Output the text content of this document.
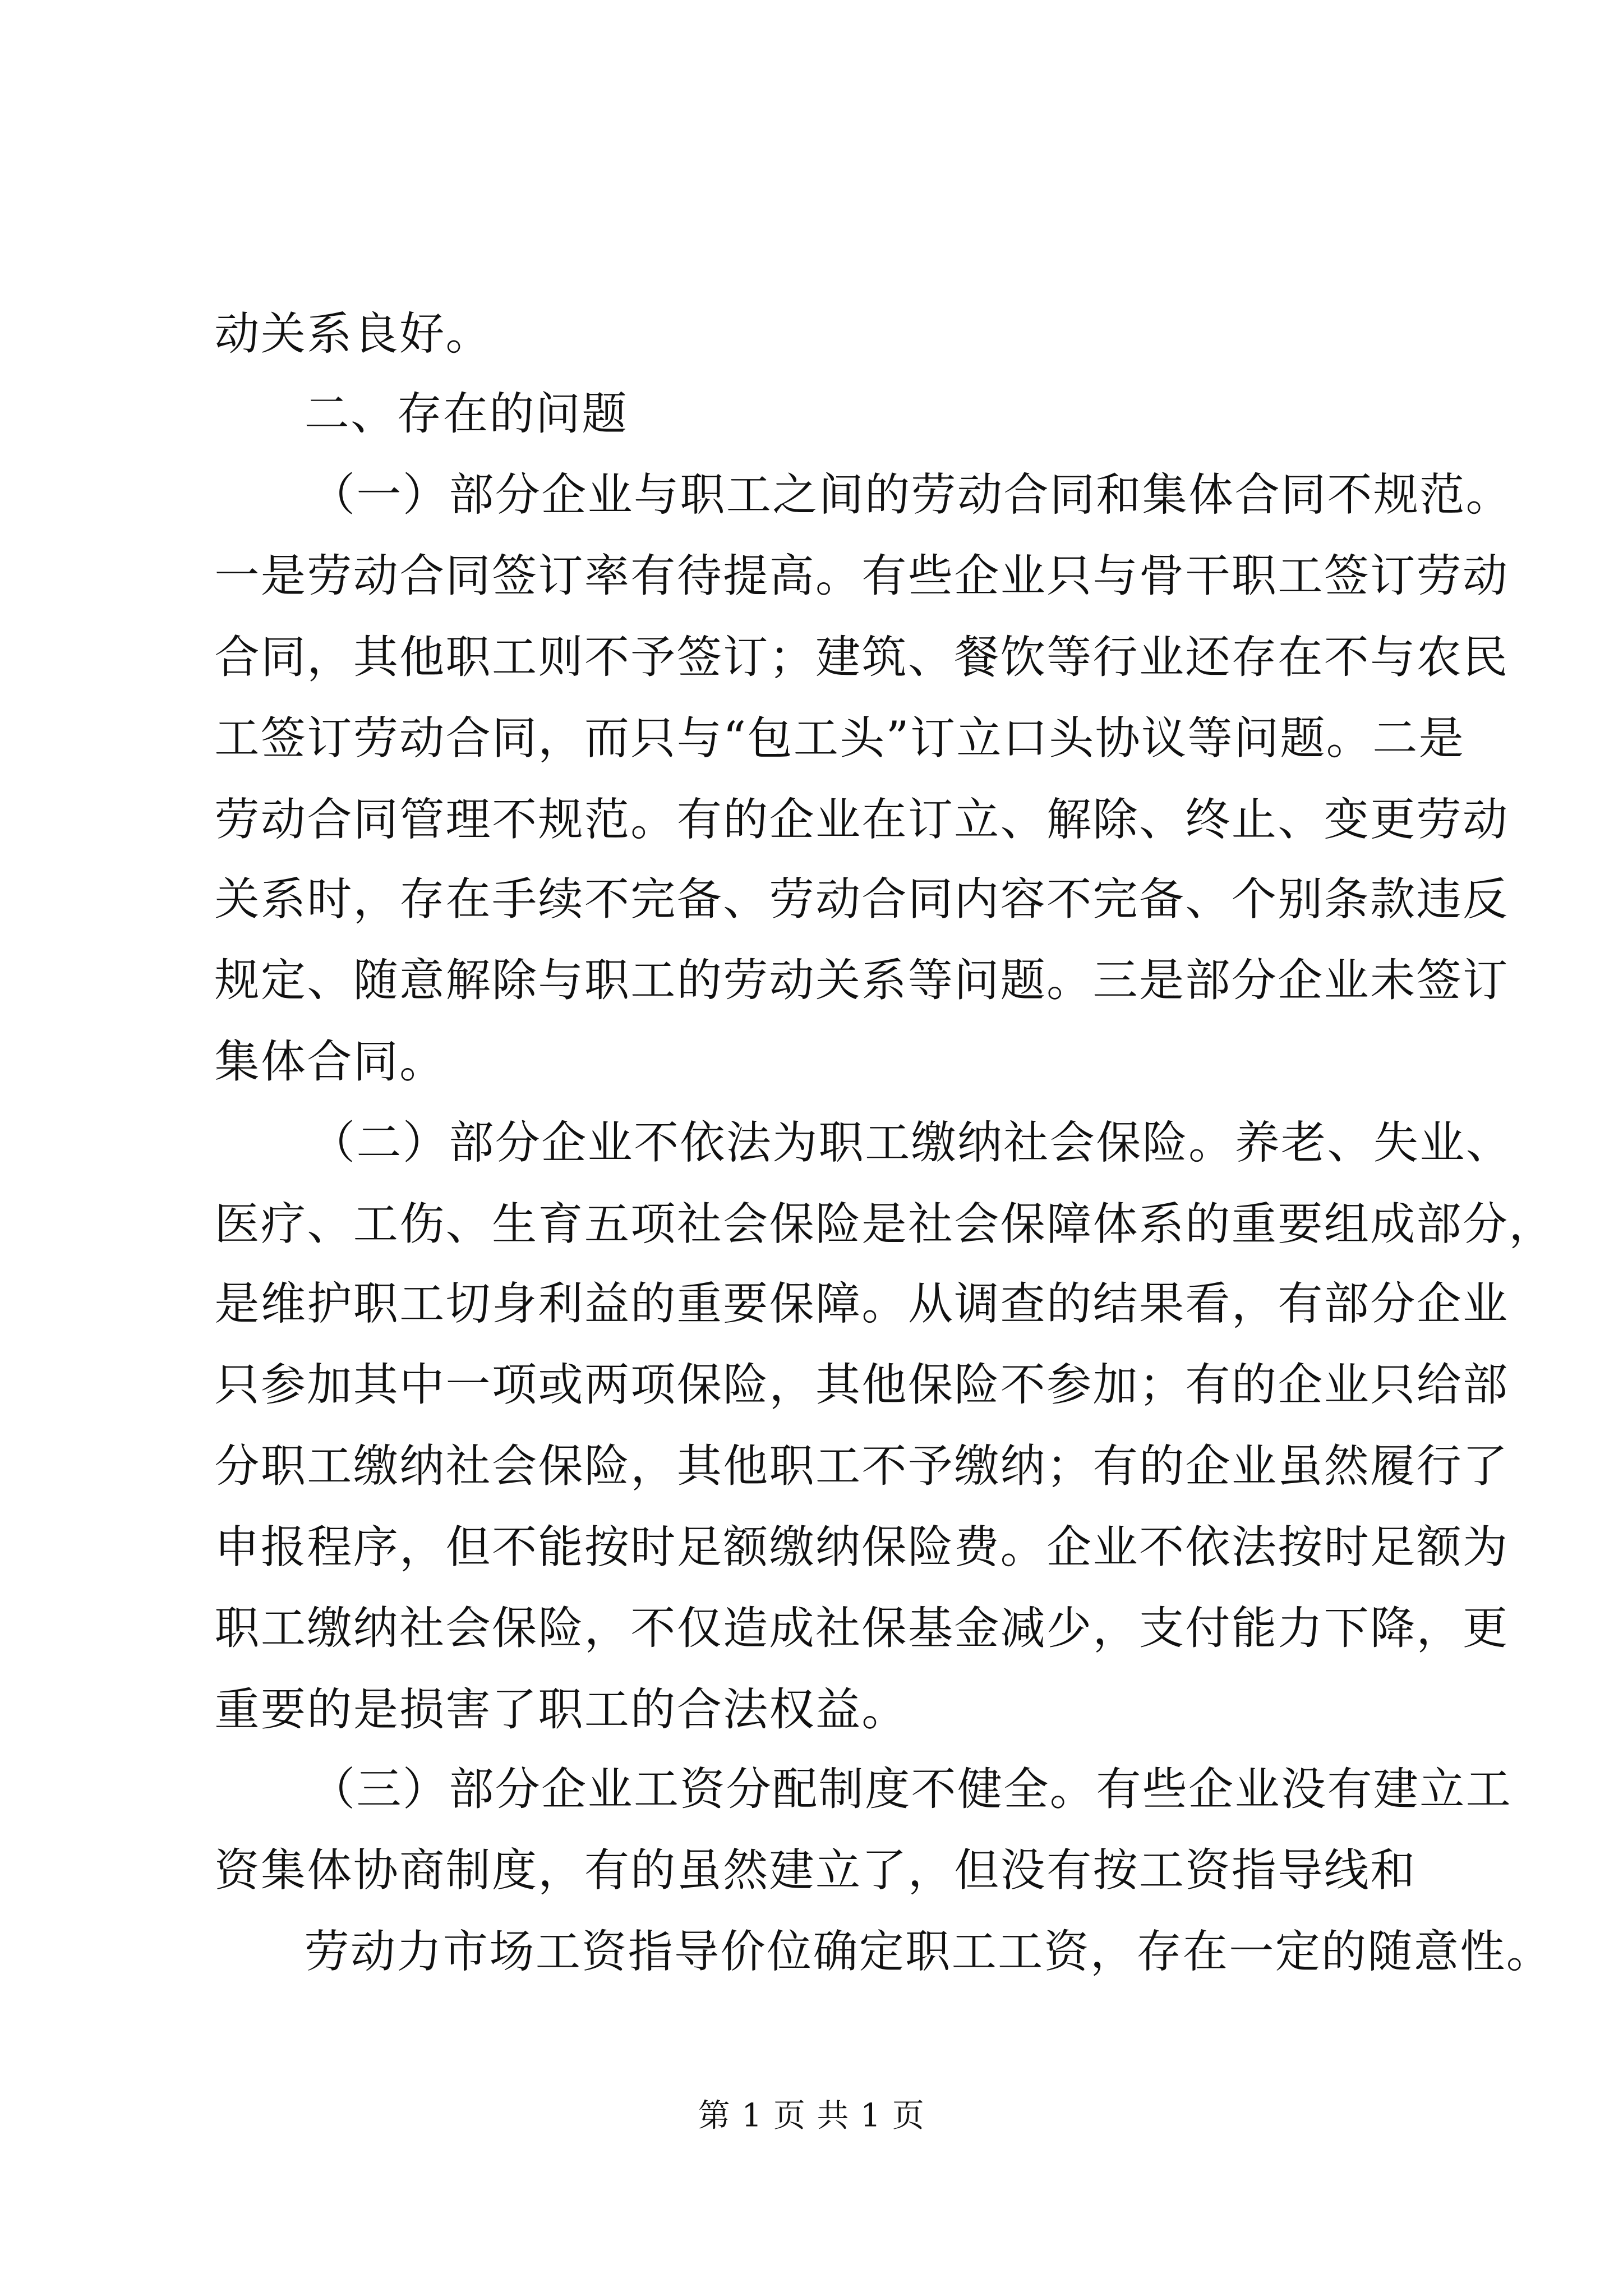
动关系良好。
二、存在的问题
（一）部分企业与职工之间的劳动合同和集体合同不规范。
一是劳动合同签订率有待提高。有些企业只与骨干职工签订劳动
合同，其他职工则不予签订；建筑、餐饮等行业还存在不与农民
工签订劳动合同，而只与“包工头”订立口头协议等问题。二是
劳动合同管理不规范。有的企业在订立、解除、终止、变更劳动
关系时，存在手续不完备、劳动合同内容不完备、个别条款违反
规定、随意解除与职工的劳动关系等问题。三是部分企业未签订
集体合同。
（二）部分企业不依法为职工缴纳社会保险。养老、失业、
医疗、工伤、生育五项社会保险是社会保障体系的重要组成部分，
是维护职工切身利益的重要保障。从调查的结果看，有部分企业
只参加其中一项或两项保险，其他保险不参加；有的企业只给部
分职工缴纳社会保险，其他职工不予缴纳；有的企业虽然履行了
申报程序，但不能按时足额缴纳保险费。企业不依法按时足额为
职工缴纳社会保险，不仅造成社保基金减少，支付能力下降，更
重要的是损害了职工的合法权益。
（三）部分企业工资分配制度不健全。有些企业没有建立工
资集体协商制度，有的虽然建立了，但没有按工资指导线和
劳动力市场工资指导价位确定职工工资，存在一定的随意性。
第 1 页 共 1 页
